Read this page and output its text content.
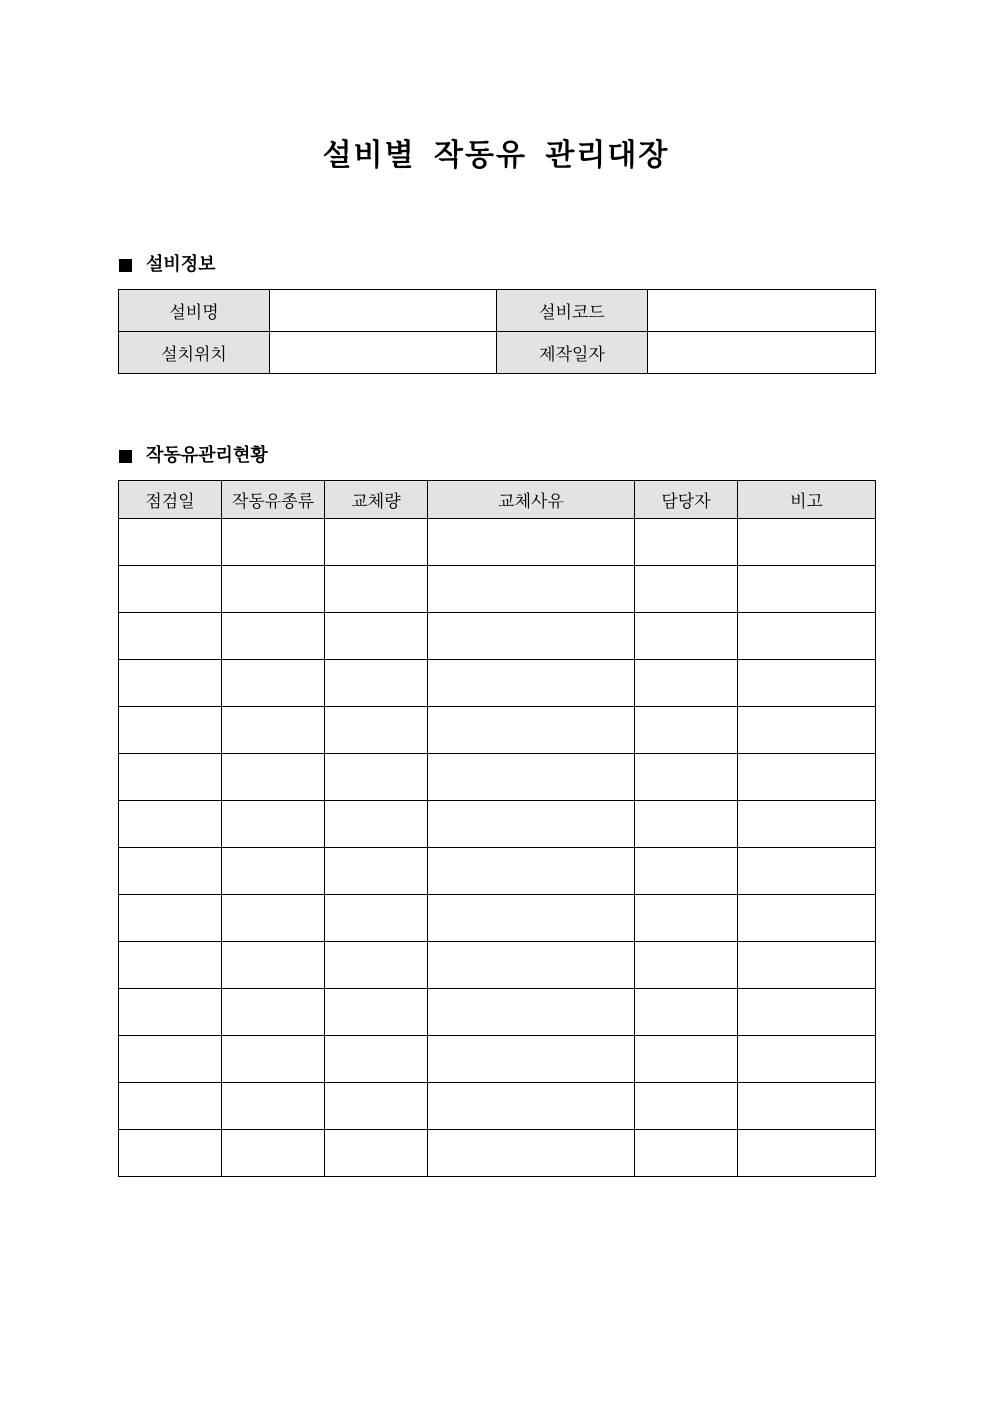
설비별 작동유 관리대장
설비정보
설비명		설비코드	
설치위치		제작일자	
작동유관리현황
점검일	작동유종류	교체량	교체사유	담당자	비고
